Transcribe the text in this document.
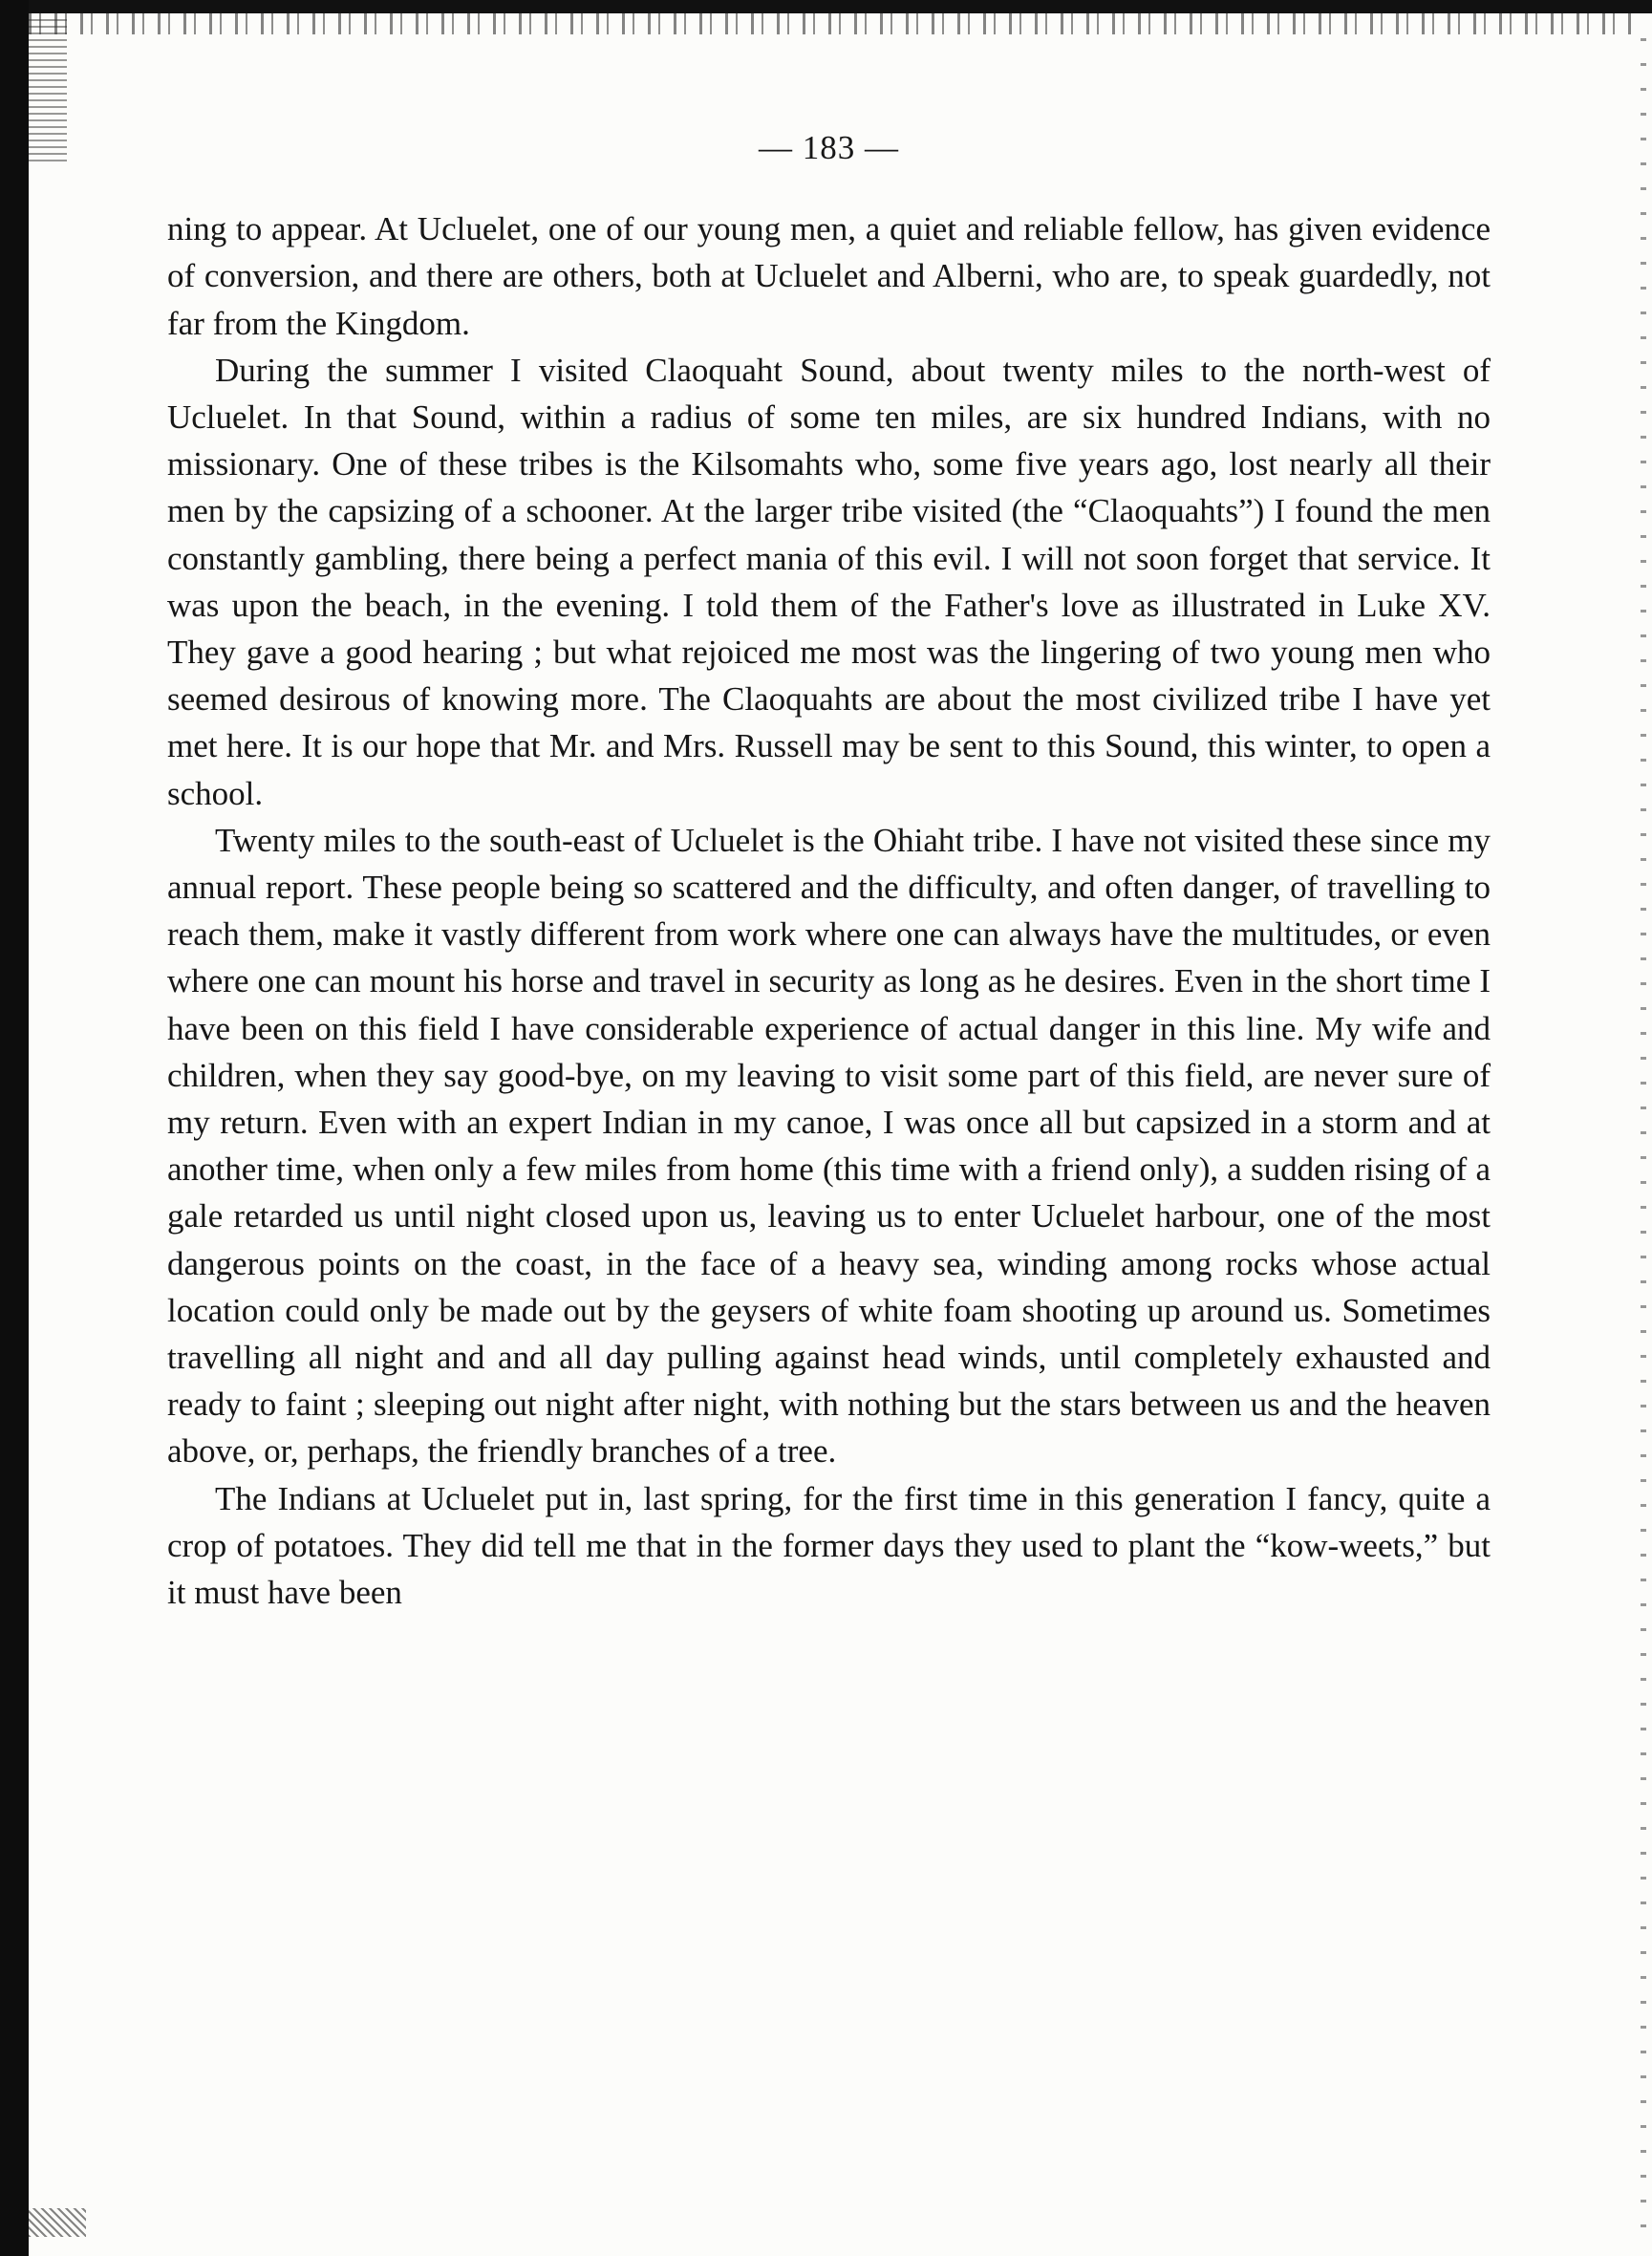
— 183 —

ning to appear. At Ucluelet, one of our young men, a quiet and reliable fellow, has given evidence of conversion, and there are others, both at Ucluelet and Alberni, who are, to speak guardedly, not far from the Kingdom.

During the summer I visited Claoquaht Sound, about twenty miles to the north-west of Ucluelet. In that Sound, within a radius of some ten miles, are six hundred Indians, with no missionary. One of these tribes is the Kilsomahts who, some five years ago, lost nearly all their men by the capsizing of a schooner. At the larger tribe visited (the “Claoquahts”) I found the men constantly gambling, there being a perfect mania of this evil. I will not soon forget that service. It was upon the beach, in the evening. I told them of the Father's love as illustrated in Luke XV. They gave a good hearing ; but what rejoiced me most was the lingering of two young men who seemed desirous of knowing more. The Claoquahts are about the most civilized tribe I have yet met here. It is our hope that Mr. and Mrs. Russell may be sent to this Sound, this winter, to open a school.

Twenty miles to the south-east of Ucluelet is the Ohiaht tribe. I have not visited these since my annual report. These people being so scattered and the difficulty, and often danger, of travelling to reach them, make it vastly different from work where one can always have the multitudes, or even where one can mount his horse and travel in security as long as he desires. Even in the short time I have been on this field I have considerable experience of actual danger in this line. My wife and children, when they say good-bye, on my leaving to visit some part of this field, are never sure of my return. Even with an expert Indian in my canoe, I was once all but capsized in a storm and at another time, when only a few miles from home (this time with a friend only), a sudden rising of a gale retarded us until night closed upon us, leaving us to enter Ucluelet harbour, one of the most dangerous points on the coast, in the face of a heavy sea, winding among rocks whose actual location could only be made out by the geysers of white foam shooting up around us. Sometimes travelling all night and and all day pulling against head winds, until completely exhausted and ready to faint ; sleeping out night after night, with nothing but the stars between us and the heaven above, or, perhaps, the friendly branches of a tree.

The Indians at Ucluelet put in, last spring, for the first time in this generation I fancy, quite a crop of potatoes. They did tell me that in the former days they used to plant the “kow-weets,” but it must have been
